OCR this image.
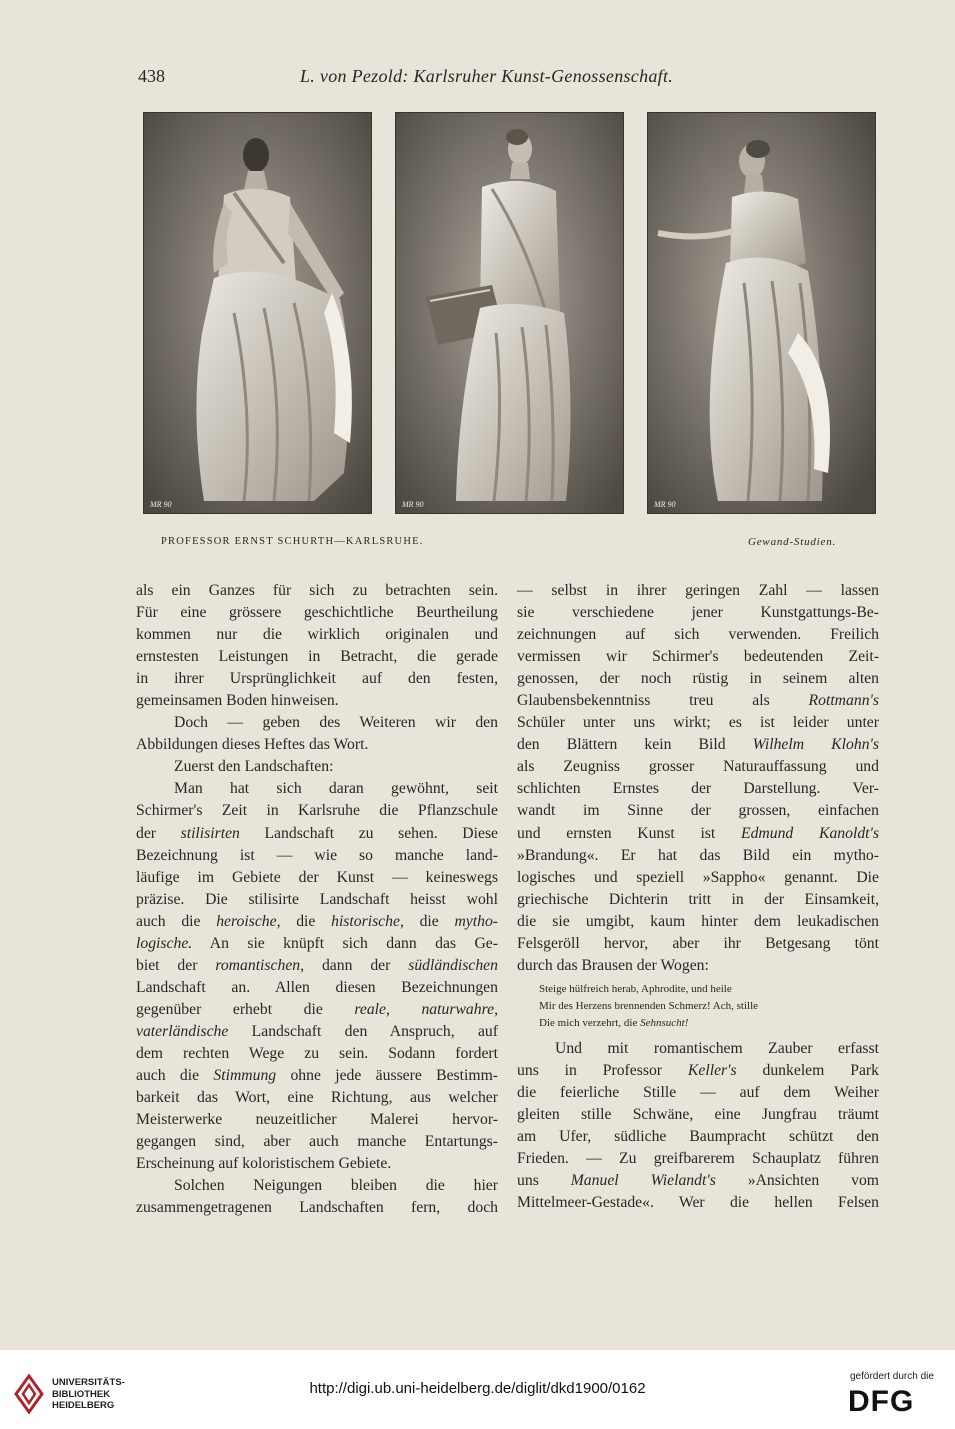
438	L. von Pezold: Karlsruher Kunst-Genossenschaft.
MR 90	MR 90	MR 90
PROFESSOR ERNST SCHURTH—KARLSRUHE.	Gewand-Studien.
als ein Ganzes für sich zu betrachten sein.
Für eine grössere geschichtliche Beurtheilung
kommen nur die wirklich originalen und
ernstesten Leistungen in Betracht, die gerade
in ihrer Ursprünglichkeit auf den festen,
gemeinsamen Boden hinweisen.
Doch — geben des Weiteren wir den
Abbildungen dieses Heftes das Wort.
Zuerst den Landschaften:
Man hat sich daran gewöhnt, seit
Schirmer's Zeit in Karlsruhe die Pflanzschule
der stilisirten Landschaft zu sehen. Diese
Bezeichnung ist — wie so manche land-
läufige im Gebiete der Kunst — keineswegs
präzise. Die stilisirte Landschaft heisst wohl
auch die heroische, die historische, die mytho-
logische. An sie knüpft sich dann das Ge-
biet der romantischen, dann der südländischen
Landschaft an. Allen diesen Bezeichnungen
gegenüber erhebt die reale, naturwahre,
vaterländische Landschaft den Anspruch, auf
dem rechten Wege zu sein. Sodann fordert
auch die Stimmung ohne jede äussere Bestimm-
barkeit das Wort, eine Richtung, aus welcher
Meisterwerke neuzeitlicher Malerei hervor-
gegangen sind, aber auch manche Entartungs-
Erscheinung auf koloristischem Gebiete.
Solchen Neigungen bleiben die hier
zusammengetragenen Landschaften fern, doch
— selbst in ihrer geringen Zahl — lassen
sie verschiedene jener Kunstgattungs-Be-
zeichnungen auf sich verwenden. Freilich
vermissen wir Schirmer's bedeutenden Zeit-
genossen, der noch rüstig in seinem alten
Glaubensbekenntniss treu als Rottmann's
Schüler unter uns wirkt; es ist leider unter
den Blättern kein Bild Wilhelm Klohn's
als Zeugniss grosser Naturauffassung und
schlichten Ernstes der Darstellung. Ver-
wandt im Sinne der grossen, einfachen
und ernsten Kunst ist Edmund Kanoldt's
»Brandung«. Er hat das Bild ein mytho-
logisches und speziell »Sappho« genannt. Die
griechische Dichterin tritt in der Einsamkeit,
die sie umgibt, kaum hinter dem leukadischen
Felsgeröll hervor, aber ihr Betgesang tönt
durch das Brausen der Wogen:
Steige hülfreich herab, Aphrodite, und heile
Mir des Herzens brennenden Schmerz! Ach, stille
Die mich verzehrt, die Sehnsucht!
Und mit romantischem Zauber erfasst
uns in Professor Keller's dunkelem Park
die feierliche Stille — auf dem Weiher
gleiten stille Schwäne, eine Jungfrau träumt
am Ufer, südliche Baumpracht schützt den
Frieden. — Zu greifbarerem Schauplatz führen
uns Manuel Wielandt's »Ansichten vom
Mittelmeer-Gestade«. Wer die hellen Felsen
UNIVERSITÄTS-
BIBLIOTHEK
HEIDELBERG
http://digi.ub.uni-heidelberg.de/diglit/dkd1900/0162
gefördert durch die
DFG
